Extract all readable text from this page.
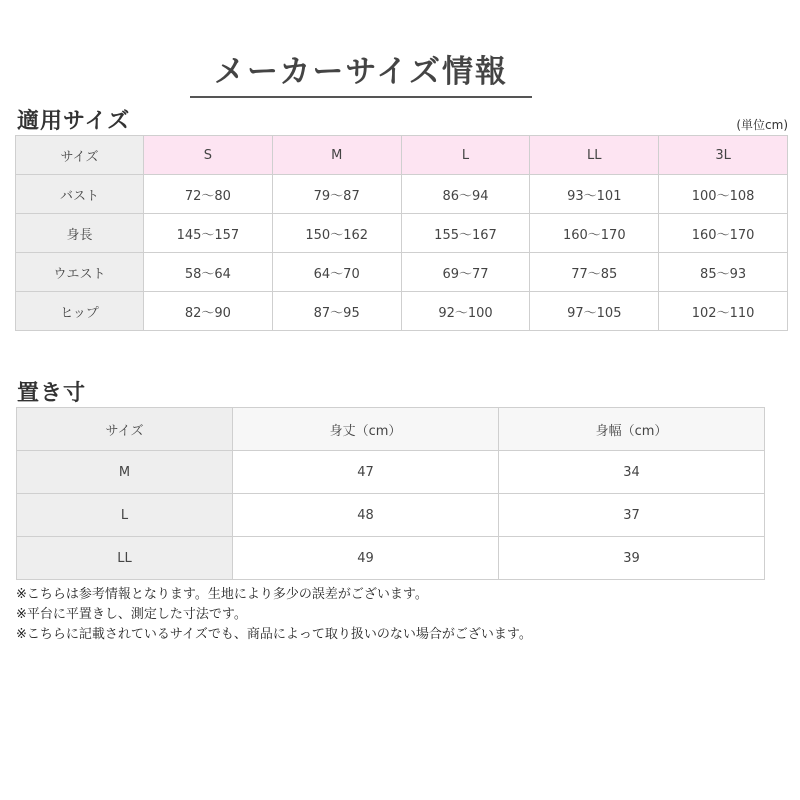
メーカーサイズ情報
適用サイズ	(単位cm)
サイズ	S	M	L	LL	3L
バスト	72〜80	79〜87	86〜94	93〜101	100〜108
身長	145〜157	150〜162	155〜167	160〜170	160〜170
ウエスト	58〜64	64〜70	69〜77	77〜85	85〜93
ヒップ	82〜90	87〜95	92〜100	97〜105	102〜110
置き寸
サイズ	身丈（cm）	身幅（cm）
M	47	34
L	48	37
LL	49	39
※こちらは参考情報となります。生地により多少の誤差がございます。
※平台に平置きし、測定した寸法です。
※こちらに記載されているサイズでも、商品によって取り扱いのない場合がございます。
